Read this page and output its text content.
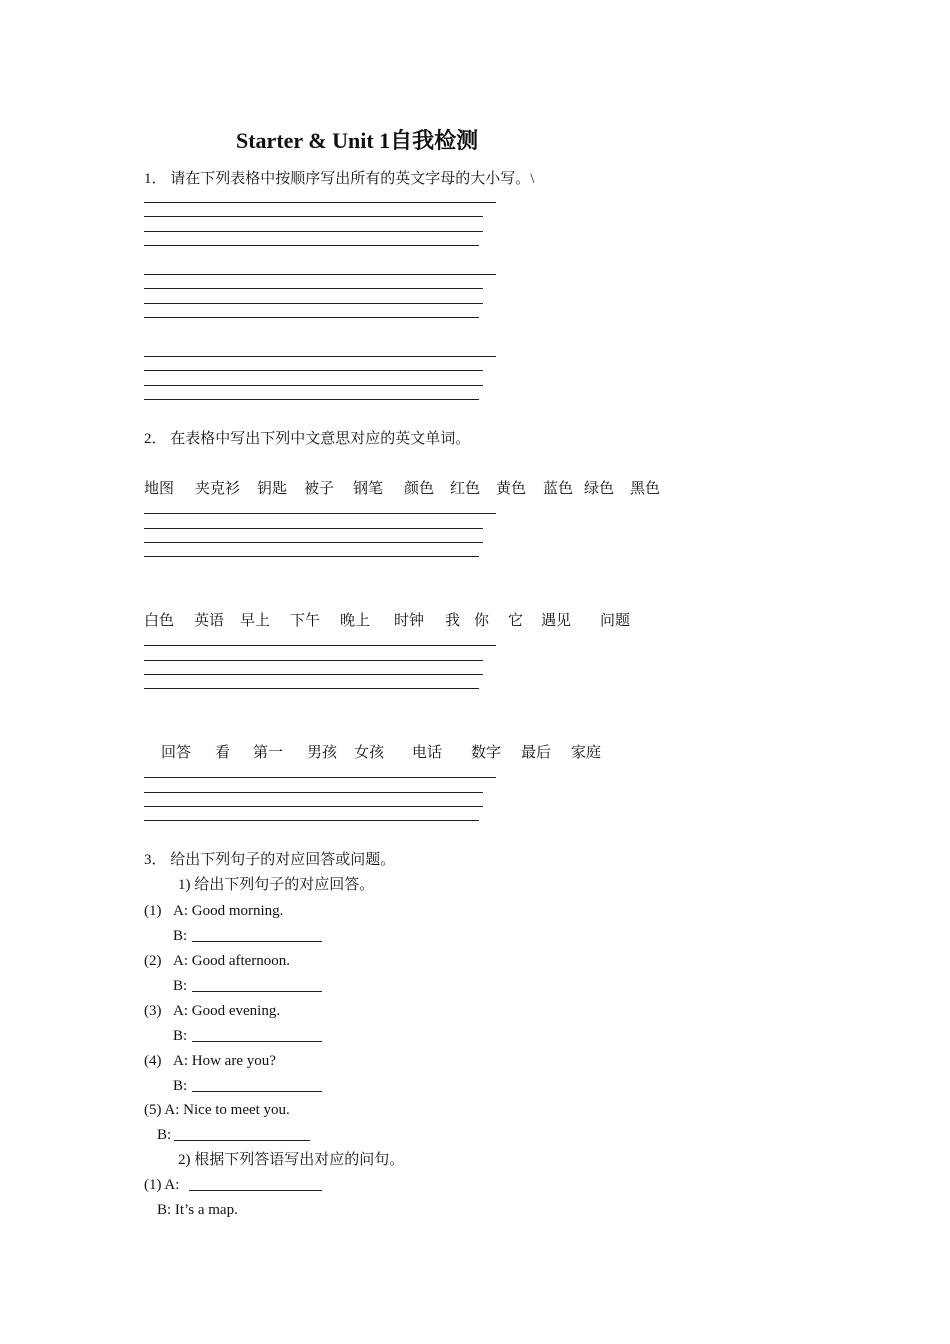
Starter & Unit 1自我检测
1． 请在下列表格中按顺序写出所有的英文字母的大小写。\
2． 在表格中写出下列中文意思对应的英文单词。
地图 夹克衫 钥匙 被子 钢笔 颜色 红色 黄色 蓝色 绿色 黑色
白色 英语 早上 下午 晚上 时钟 我 你 它 遇见 问题
回答 看 第一 男孩 女孩 电话 数字 最后 家庭
3． 给出下列句子的对应回答或问题。
1) 给出下列句子的对应回答。
(1) A: Good morning.
B:
(2) A: Good afternoon.
B:
(3) A: Good evening.
B:
(4) A: How are you?
B:
(5) A: Nice to meet you.
B:
2) 根据下列答语写出对应的问句。
(1) A:
B: It’s a map.
